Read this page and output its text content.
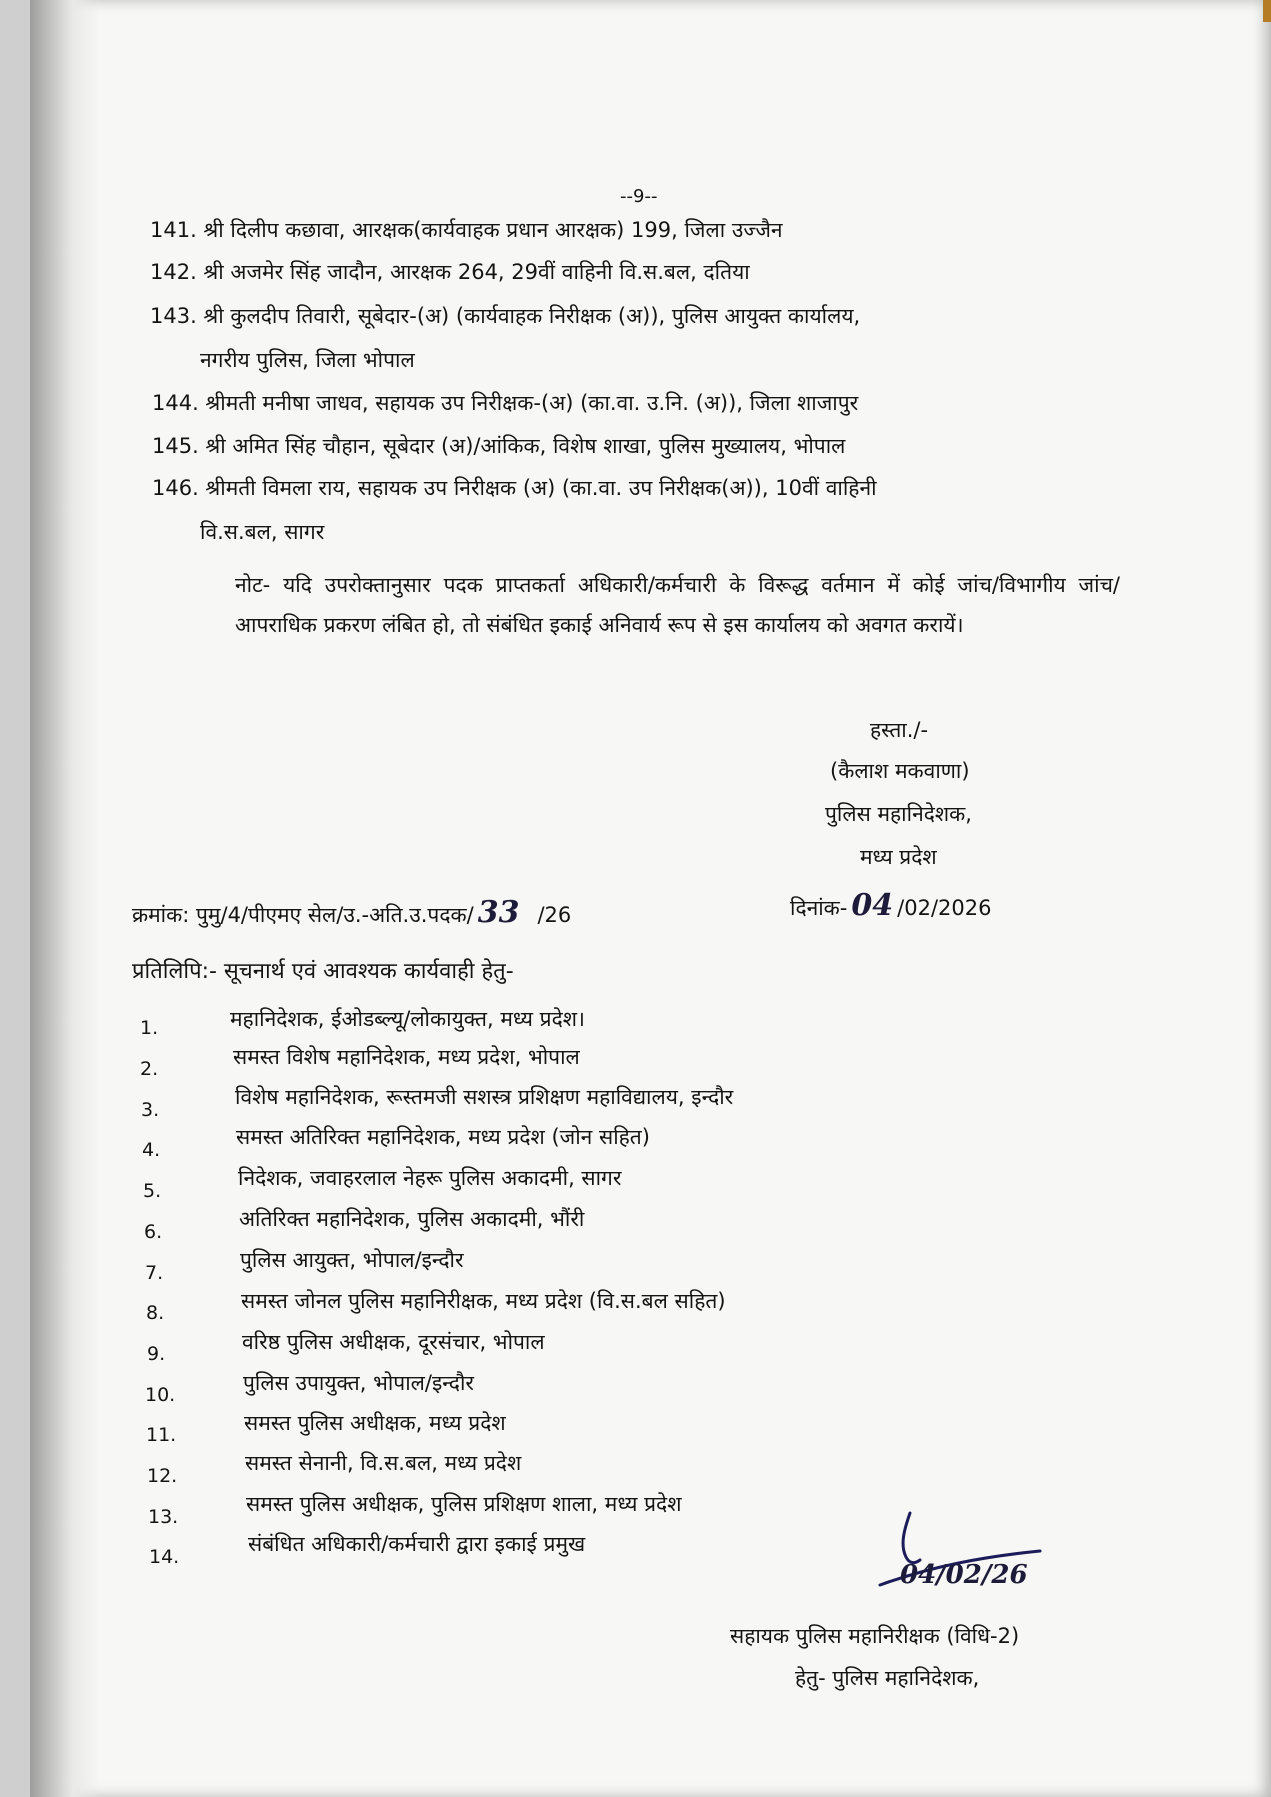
--9--
141. श्री दिलीप कछावा, आरक्षक(कार्यवाहक प्रधान आरक्षक) 199, जिला उज्जैन
142. श्री अजमेर सिंह जादौन, आरक्षक 264, 29वीं वाहिनी वि.स.बल, दतिया
143. श्री कुलदीप तिवारी, सूबेदार-(अ) (कार्यवाहक निरीक्षक (अ)), पुलिस आयुक्त कार्यालय,
नगरीय पुलिस, जिला भोपाल
144. श्रीमती मनीषा जाधव, सहायक उप निरीक्षक-(अ) (का.वा. उ.नि. (अ)), जिला शाजापुर
145. श्री अमित सिंह चौहान, सूबेदार (अ)/आंकिक, विशेष शाखा, पुलिस मुख्यालय, भोपाल
146. श्रीमती विमला राय, सहायक उप निरीक्षक (अ) (का.वा. उप निरीक्षक(अ)), 10वीं वाहिनी
वि.स.बल, सागर
नोट- यदि उपरोक्तानुसार पदक प्राप्तकर्ता अधिकारी/कर्मचारी के विरूद्ध वर्तमान में कोई जांच/विभागीय जांच/आपराधिक प्रकरण लंबित हो, तो संबंधित इकाई अनिवार्य रूप से इस कार्यालय को अवगत करायें।
हस्ता./-
(कैलाश मकवाणा)
पुलिस महानिदेशक,
मध्य प्रदेश
क्रमांक: पुमु/4/पीएमए सेल/उ.-अति.उ.पदक/ 33 /26	दिनांक- 04 /02/2026
प्रतिलिपि:- सूचनार्थ एवं आवश्यक कार्यवाही हेतु-
1.	महानिदेशक, ईओडब्ल्यू/लोकायुक्त, मध्य प्रदेश।
2.	समस्त विशेष महानिदेशक, मध्य प्रदेश, भोपाल
3.
विशेष महानिदेशक, रूस्तमजी सशस्त्र प्रशिक्षण महाविद्यालय, इन्दौर
4.
समस्त अतिरिक्त महानिदेशक, मध्य प्रदेश (जोन सहित)
5.
निदेशक, जवाहरलाल नेहरू पुलिस अकादमी, सागर
6.
अतिरिक्त महानिदेशक, पुलिस अकादमी, भौंरी
7.
पुलिस आयुक्त, भोपाल/इन्दौर
8.	समस्त जोनल पुलिस महानिरीक्षक, मध्य प्रदेश (वि.स.बल सहित)
9.	वरिष्ठ पुलिस अधीक्षक, दूरसंचार, भोपाल
10.	पुलिस उपायुक्त, भोपाल/इन्दौर
11.	समस्त पुलिस अधीक्षक, मध्य प्रदेश
12.
समस्त सेनानी, वि.स.बल, मध्य प्रदेश
13.
समस्त पुलिस अधीक्षक, पुलिस प्रशिक्षण शाला, मध्य प्रदेश
14.
संबंधित अधिकारी/कर्मचारी द्वारा इकाई प्रमुख
04/02/26
सहायक पुलिस महानिरीक्षक (विधि-2)
हेतु- पुलिस महानिदेशक,
